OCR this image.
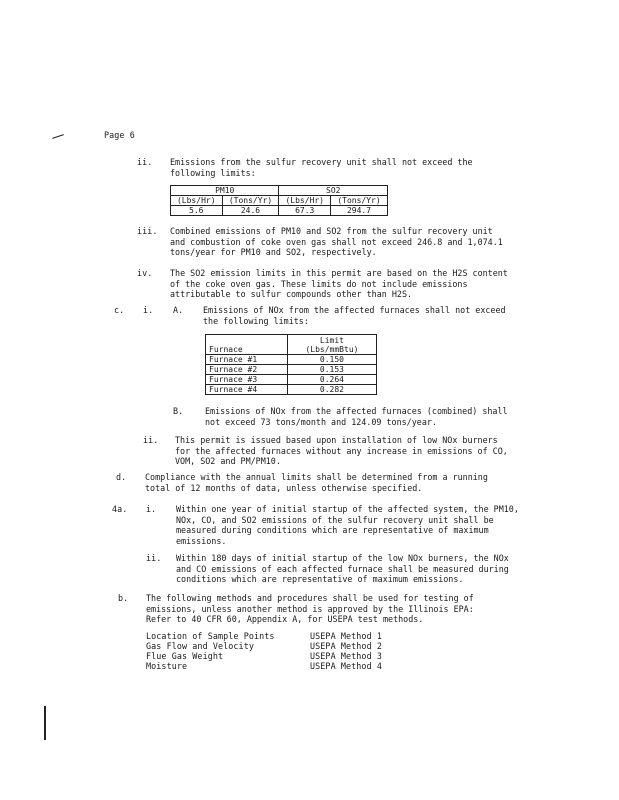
Page 6
ii. Emissions from the sulfur recovery unit shall not exceed the following limits:
PM10		SO2	
(Lbs/Hr)	(Tons/Yr)	(Lbs/Hr)	(Tons/Yr)
5.6	24.6	67.3	294.7
iii. Combined emissions of PM10 and SO2 from the sulfur recovery unit and combustion of coke oven gas shall not exceed 246.8 and 1,074.1 tons/year for PM10 and SO2, respectively.
iv. The SO2 emission limits in this permit are based on the H2S content of the coke oven gas. These limits do not include emissions attributable to sulfur compounds other than H2S.
c. i. A. Emissions of NOx from the affected furnaces shall not exceed the following limits:
Furnace	Limit
(Lbs/mmBtu)
Furnace #1	0.150
Furnace #2	0.153
Furnace #3	0.264
Furnace #4	0.282
B.	Emissions of NOx from the affected furnaces (combined) shall not exceed 73 tons/month and 124.09 tons/year.
ii. This permit is issued based upon installation of low NOx burners for the affected furnaces without any increase in emissions of CO, VOM, SO2 and PM/PM10.
d. Compliance with the annual limits shall be determined from a running total of 12 months of data, unless otherwise specified.
4a. i. Within one year of initial startup of the affected system, the PM10, NOx, CO, and SO2 emissions of the sulfur recovery unit shall be measured during conditions which are representative of maximum emissions.
ii. Within 180 days of initial startup of the low NOx burners, the NOx and CO emissions of each affected furnace shall be measured during conditions which are representative of maximum emissions.
b. The following methods and procedures shall be used for testing of emissions, unless another method is approved by the Illinois EPA: Refer to 40 CFR 60, Appendix A, for USEPA test methods.
Location of Sample Points	USEPA Method 1
Gas Flow and Velocity	USEPA Method 2
Flue Gas Weight	USEPA Method 3
Moisture	USEPA Method 4
